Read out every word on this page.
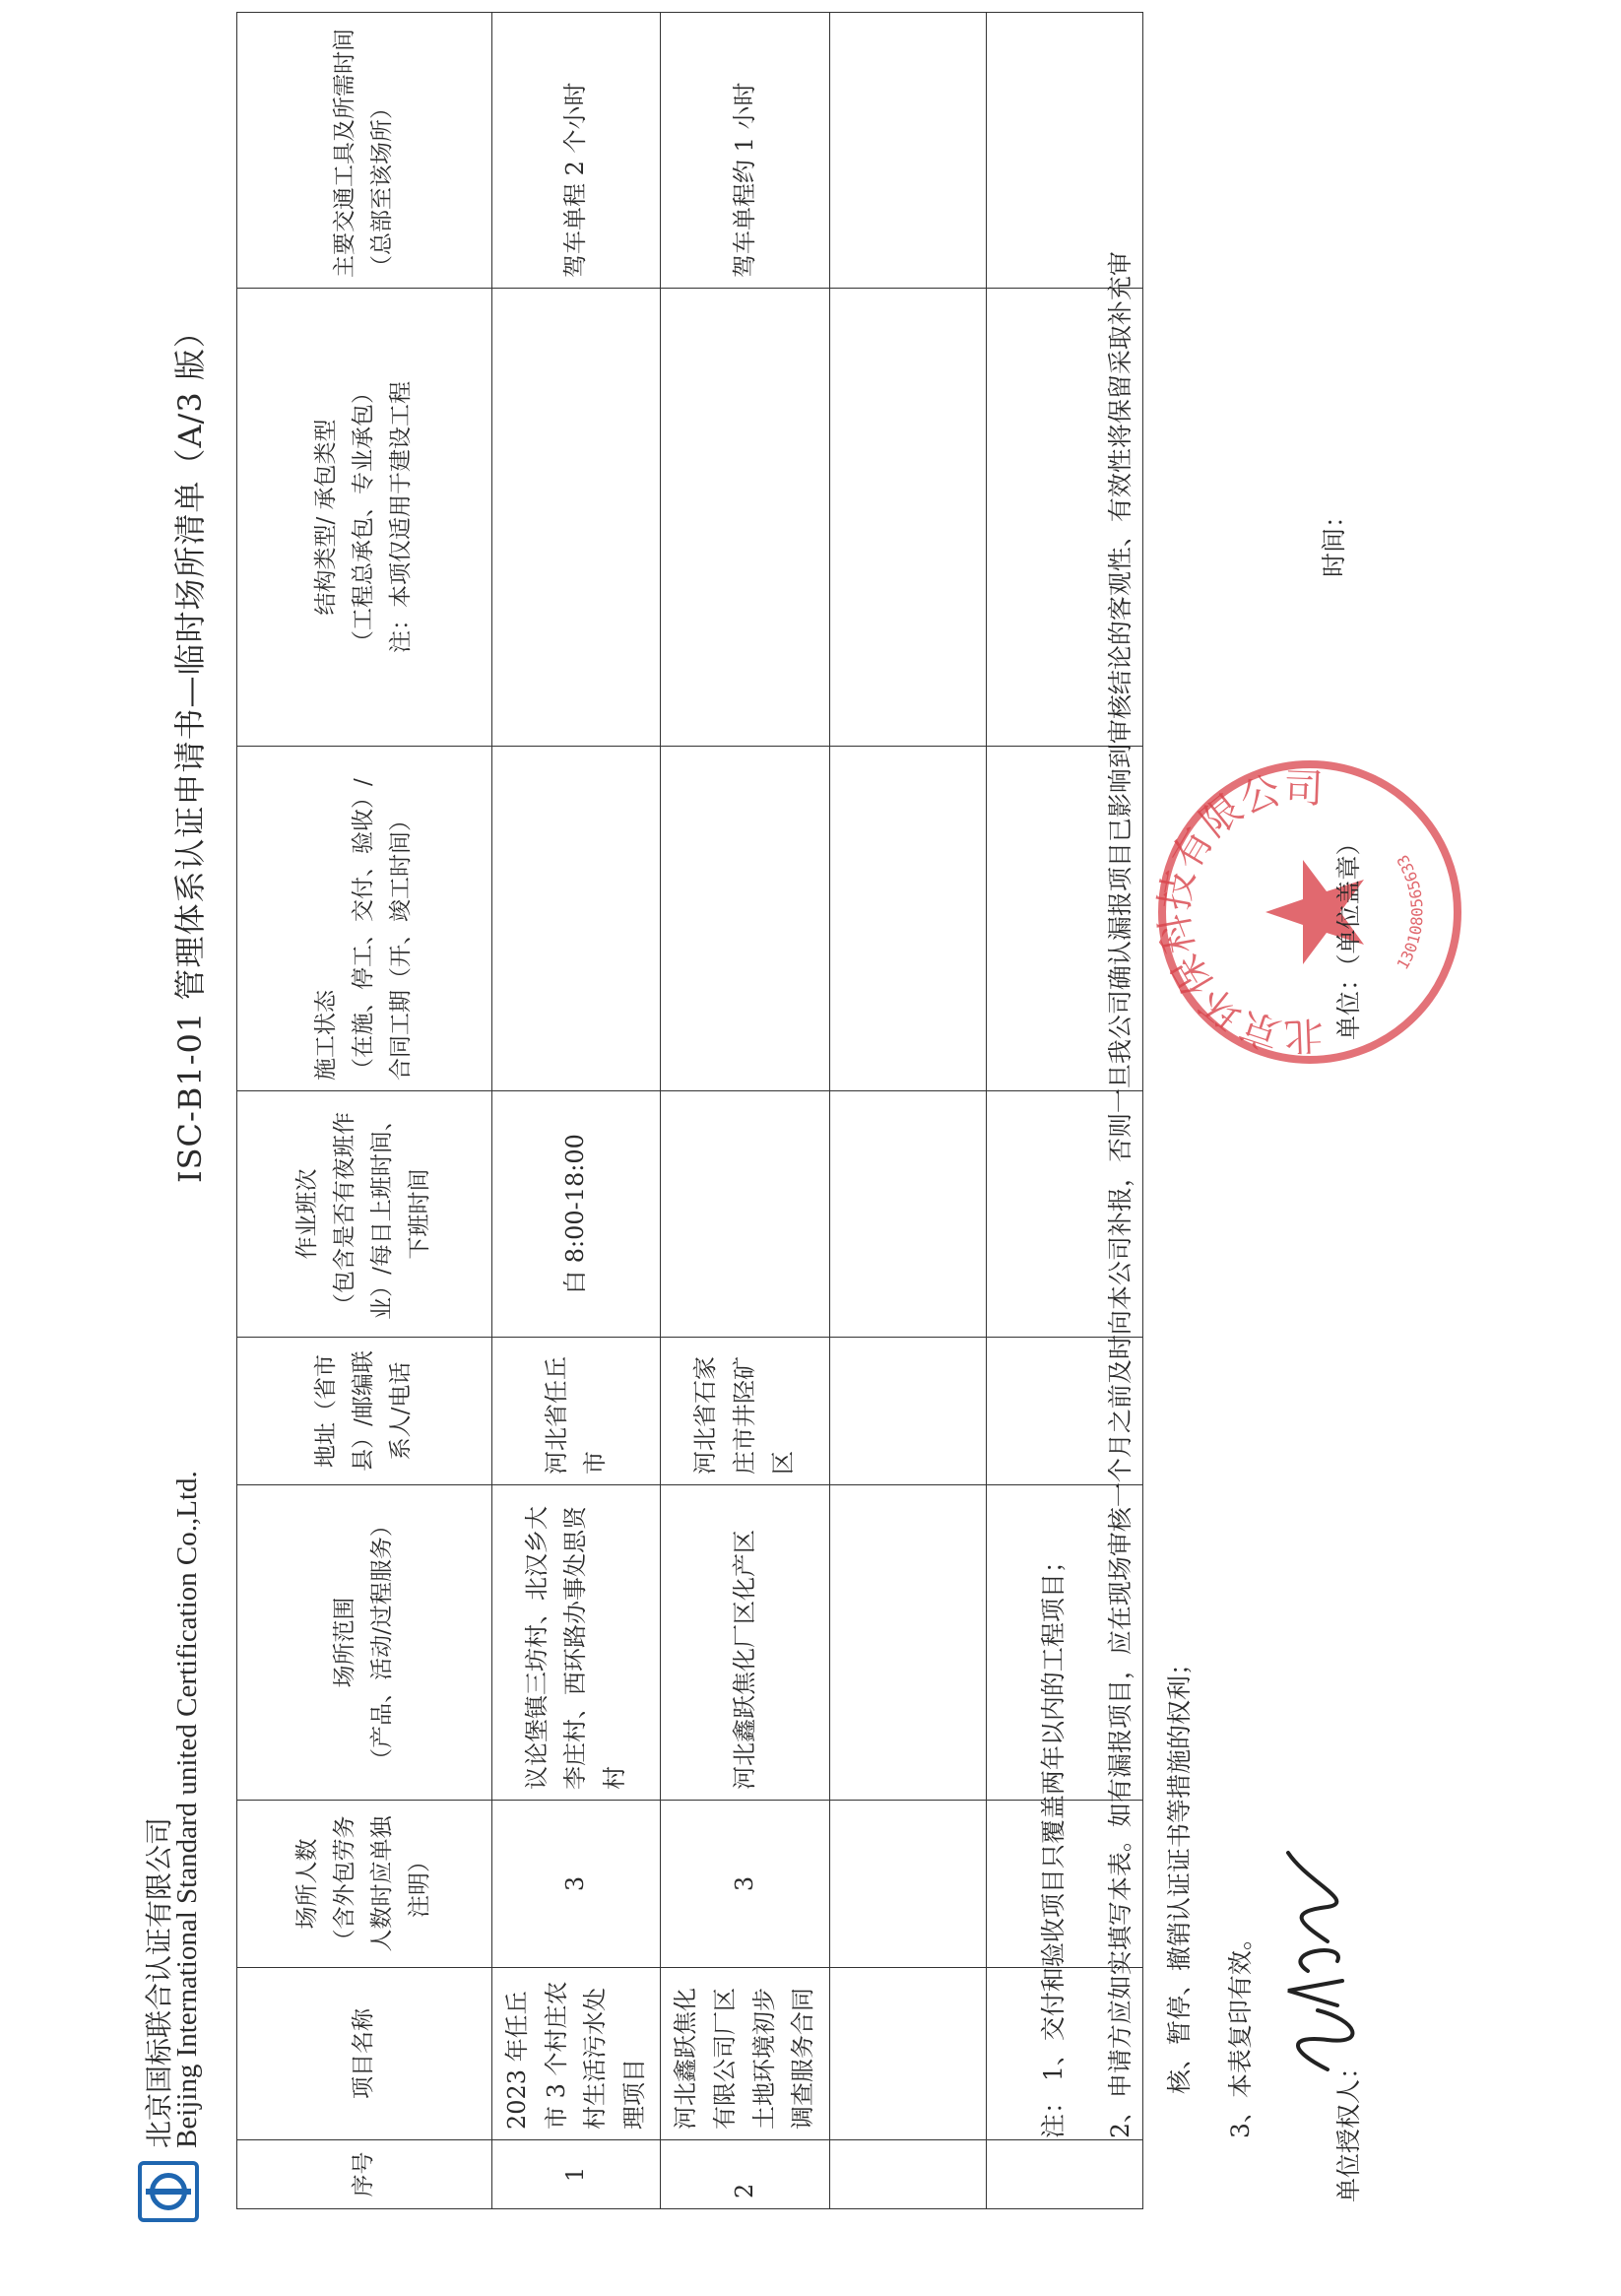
北京国标联合认证有限公司
Beijing International Standard united Certification Co.,Ltd.
ISC-B1-01 管理体系认证申请书—临时场所清单（A/3 版）
序号	项目名称	场所人数 （含外包劳务人数时应单独注明）	场所范围 （产品、活动/过程服务）	地址（省市县）/邮编联系人/电话	作业班次 （包含是否有夜班作业）/每日上班时间、下班时间	施工状态 （在施、停工、交付、验收）/合同工期（开、竣工时间）	结构类型/ 承包类型 （工程总承包、专业承包） 注：本项仅适用于建设工程	主要交通工具及所需时间（总部至该场所）
1	2023 年任丘市 3 个村庄农村生活污水处理项目	3	议论堡镇三坊村、北汉乡大李庄村、西环路办事处思贤村	河北省任丘市	白 8:00-18:00			驾车单程 2 个小时
2	河北鑫跃焦化有限公司厂区土地环境初步调查服务合同	3	河北鑫跃焦化厂区化产区	河北省石家庄市井陉矿区				驾车单程约 1 小时

注： 1、交付和验收项目只覆盖两年以内的工程项目； 2、申请方应如实填写本表。如有漏报项目，应在现场审核一个月之前及时向本公司补报，否则一旦我公司确认漏报项目已影响到审核结论的客观性、有效性将保留采取补充审 核、暂停、撤销认证证书等措施的权利； 3、本表复印有效。	单位授权人：
北京环保科技有限公司
1301080565633
单位：（单位盖章）
时间：
